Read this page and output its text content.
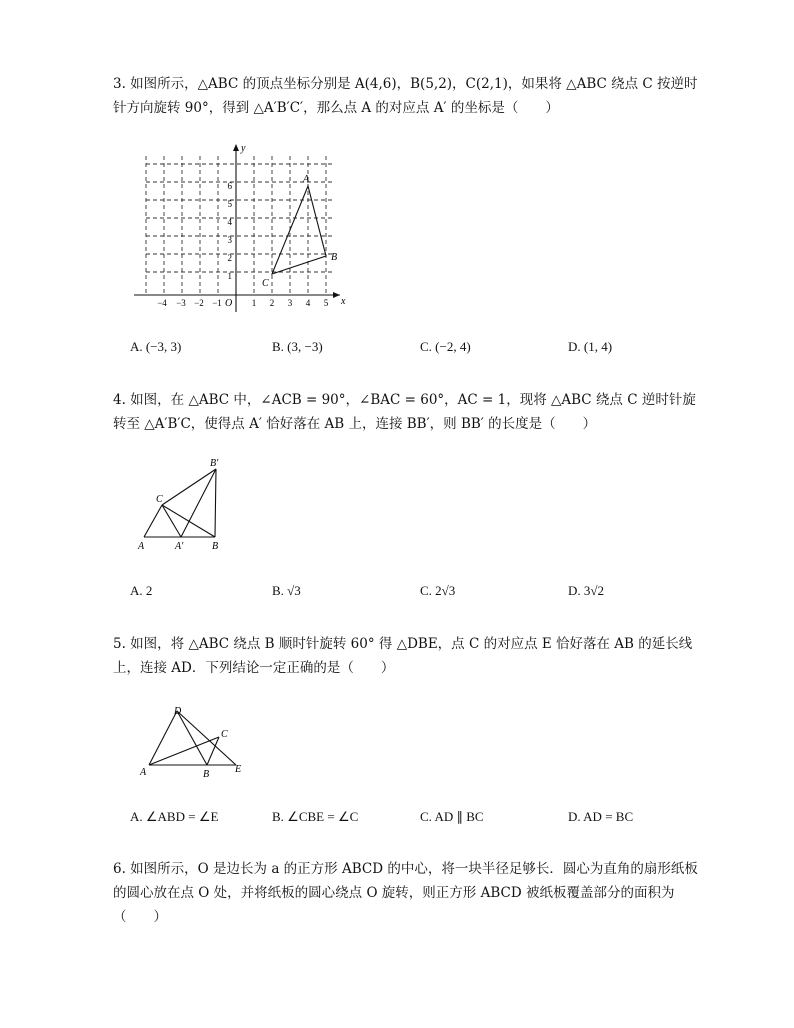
3. 如图所示，△ABC 的顶点坐标分别是 A(4,6)，B(5,2)，C(2,1)，如果将 △ABC 绕点 C 按逆时针方向旋转 90°，得到 △A′B′C′，那么点 A 的对应点 A′ 的坐标是（　　）

x
y
O
−4 −3 −2 −1	1 2 3 4 5
1
2
3
4
5
6
A
B
C
A. (−3, 3)	B. (3, −3)	C. (−2, 4)	D. (1, 4)

4. 如图，在 △ABC 中，∠ACB = 90°，∠BAC = 60°，AC = 1，现将 △ABC 绕点 C 逆时针旋转至 △A′B′C，使得点 A′ 恰好落在 AB 上，连接 BB′，则 BB′ 的长度是（　　）

A	A′	B
C
B′
A. 2	B. √3	C. 2√3	D. 3√2

5. 如图，将 △ABC 绕点 B 顺时针旋转 60° 得 △DBE，点 C 的对应点 E 恰好落在 AB 的延长线上，连接 AD．下列结论一定正确的是（　　）

A
D
B
C
E
A. ∠ABD = ∠E	B. ∠CBE = ∠C	C. AD ∥ BC	D. AD = BC

6. 如图所示，O 是边长为 a 的正方形 ABCD 的中心，将一块半径足够长．圆心为直角的扇形纸板的圆心放在点 O 处，并将纸板的圆心绕点 O 旋转，则正方形 ABCD 被纸板覆盖部分的面积为（　　）
